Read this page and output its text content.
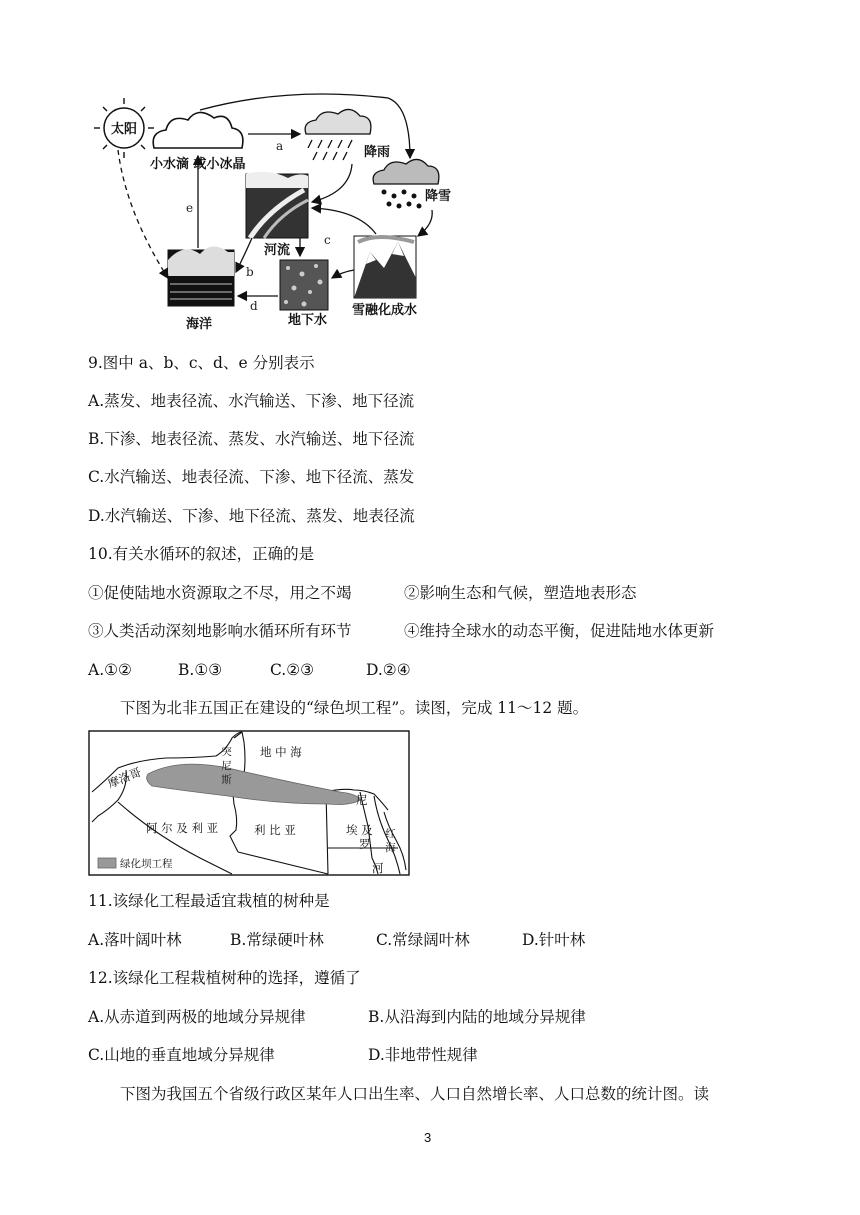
太阳
小水滴 或小冰晶
降雨
降雪
河流
海洋	地下水
雪融化成水
a
b
c
d
e
9.图中 a、b、c、d、e 分别表示
A.蒸发、地表径流、水汽输送、下渗、地下径流
B.下渗、地表径流、蒸发、水汽输送、地下径流
C.水汽输送、地表径流、下渗、地下径流、蒸发
D.水汽输送、下渗、地下径流、蒸发、地表径流
10.有关水循环的叙述，正确的是
①促使陆地水资源取之不尽，用之不竭	②影响生态和气候，塑造地表形态
③人类活动深刻地影响水循环所有环节	④维持全球水的动态平衡，促进陆地水体更新
A.①②	B.①③	C.②③	D.②④
下图为北非五国正在建设的“绿色坝工程”。读图，完成 11～12 题。
地 中 海
突 尼 斯
摩洛哥
阿 尔 及 利 亚	利 比 亚	埃 及
罗
尼
红 海
河
绿化坝工程
11.该绿化工程最适宜栽植的树种是
A.落叶阔叶林	B.常绿硬叶林	C.常绿阔叶林	D.针叶林
12.该绿化工程栽植树种的选择，遵循了
A.从赤道到两极的地域分异规律	B.从沿海到内陆的地域分异规律
C.山地的垂直地域分异规律	D.非地带性规律
下图为我国五个省级行政区某年人口出生率、人口自然增长率、人口总数的统计图。读
3
